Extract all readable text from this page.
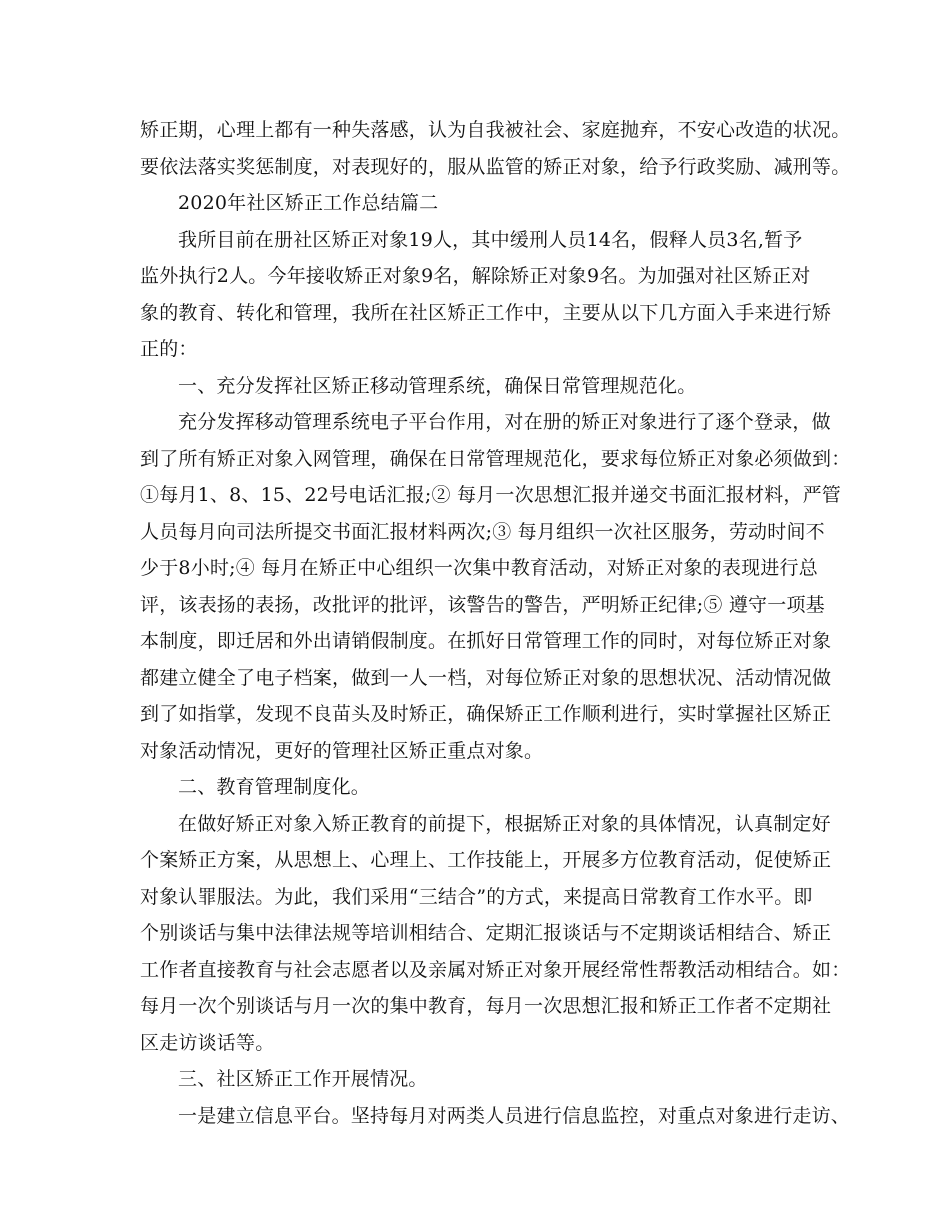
矫正期，心理上都有一种失落感，认为自我被社会、家庭抛弃，不安心改造的状况。

要依法落实奖惩制度，对表现好的，服从监管的矫正对象，给予行政奖励、减刑等。

2020年社区矫正工作总结篇二

我所目前在册社区矫正对象19人，其中缓刑人员14名，假释人员3名,暂予

监外执行2人。今年接收矫正对象9名，解除矫正对象9名。为加强对社区矫正对

象的教育、转化和管理，我所在社区矫正工作中，主要从以下几方面入手来进行矫

正的：

一、充分发挥社区矫正移动管理系统，确保日常管理规范化。

充分发挥移动管理系统电子平台作用，对在册的矫正对象进行了逐个登录，做

到了所有矫正对象入网管理，确保在日常管理规范化，要求每位矫正对象必须做到：

①每月1、8、15、22号电话汇报;② 每月一次思想汇报并递交书面汇报材料，严管

人员每月向司法所提交书面汇报材料两次;③ 每月组织一次社区服务，劳动时间不

少于8小时;④ 每月在矫正中心组织一次集中教育活动，对矫正对象的表现进行总

评，该表扬的表扬，改批评的批评，该警告的警告，严明矫正纪律;⑤ 遵守一项基

本制度，即迁居和外出请销假制度。在抓好日常管理工作的同时，对每位矫正对象

都建立健全了电子档案，做到一人一档，对每位矫正对象的思想状况、活动情况做

到了如指掌，发现不良苗头及时矫正，确保矫正工作顺利进行，实时掌握社区矫正

对象活动情况，更好的管理社区矫正重点对象。

二、教育管理制度化。

在做好矫正对象入矫正教育的前提下，根据矫正对象的具体情况，认真制定好

个案矫正方案，从思想上、心理上、工作技能上，开展多方位教育活动，促使矫正

对象认罪服法。为此，我们采用“三结合”的方式，来提高日常教育工作水平。即

个别谈话与集中法律法规等培训相结合、定期汇报谈话与不定期谈话相结合、矫正

工作者直接教育与社会志愿者以及亲属对矫正对象开展经常性帮教活动相结合。如：

每月一次个别谈话与月一次的集中教育，每月一次思想汇报和矫正工作者不定期社

区走访谈话等。

三、社区矫正工作开展情况。

一是建立信息平台。坚持每月对两类人员进行信息监控，对重点对象进行走访、
